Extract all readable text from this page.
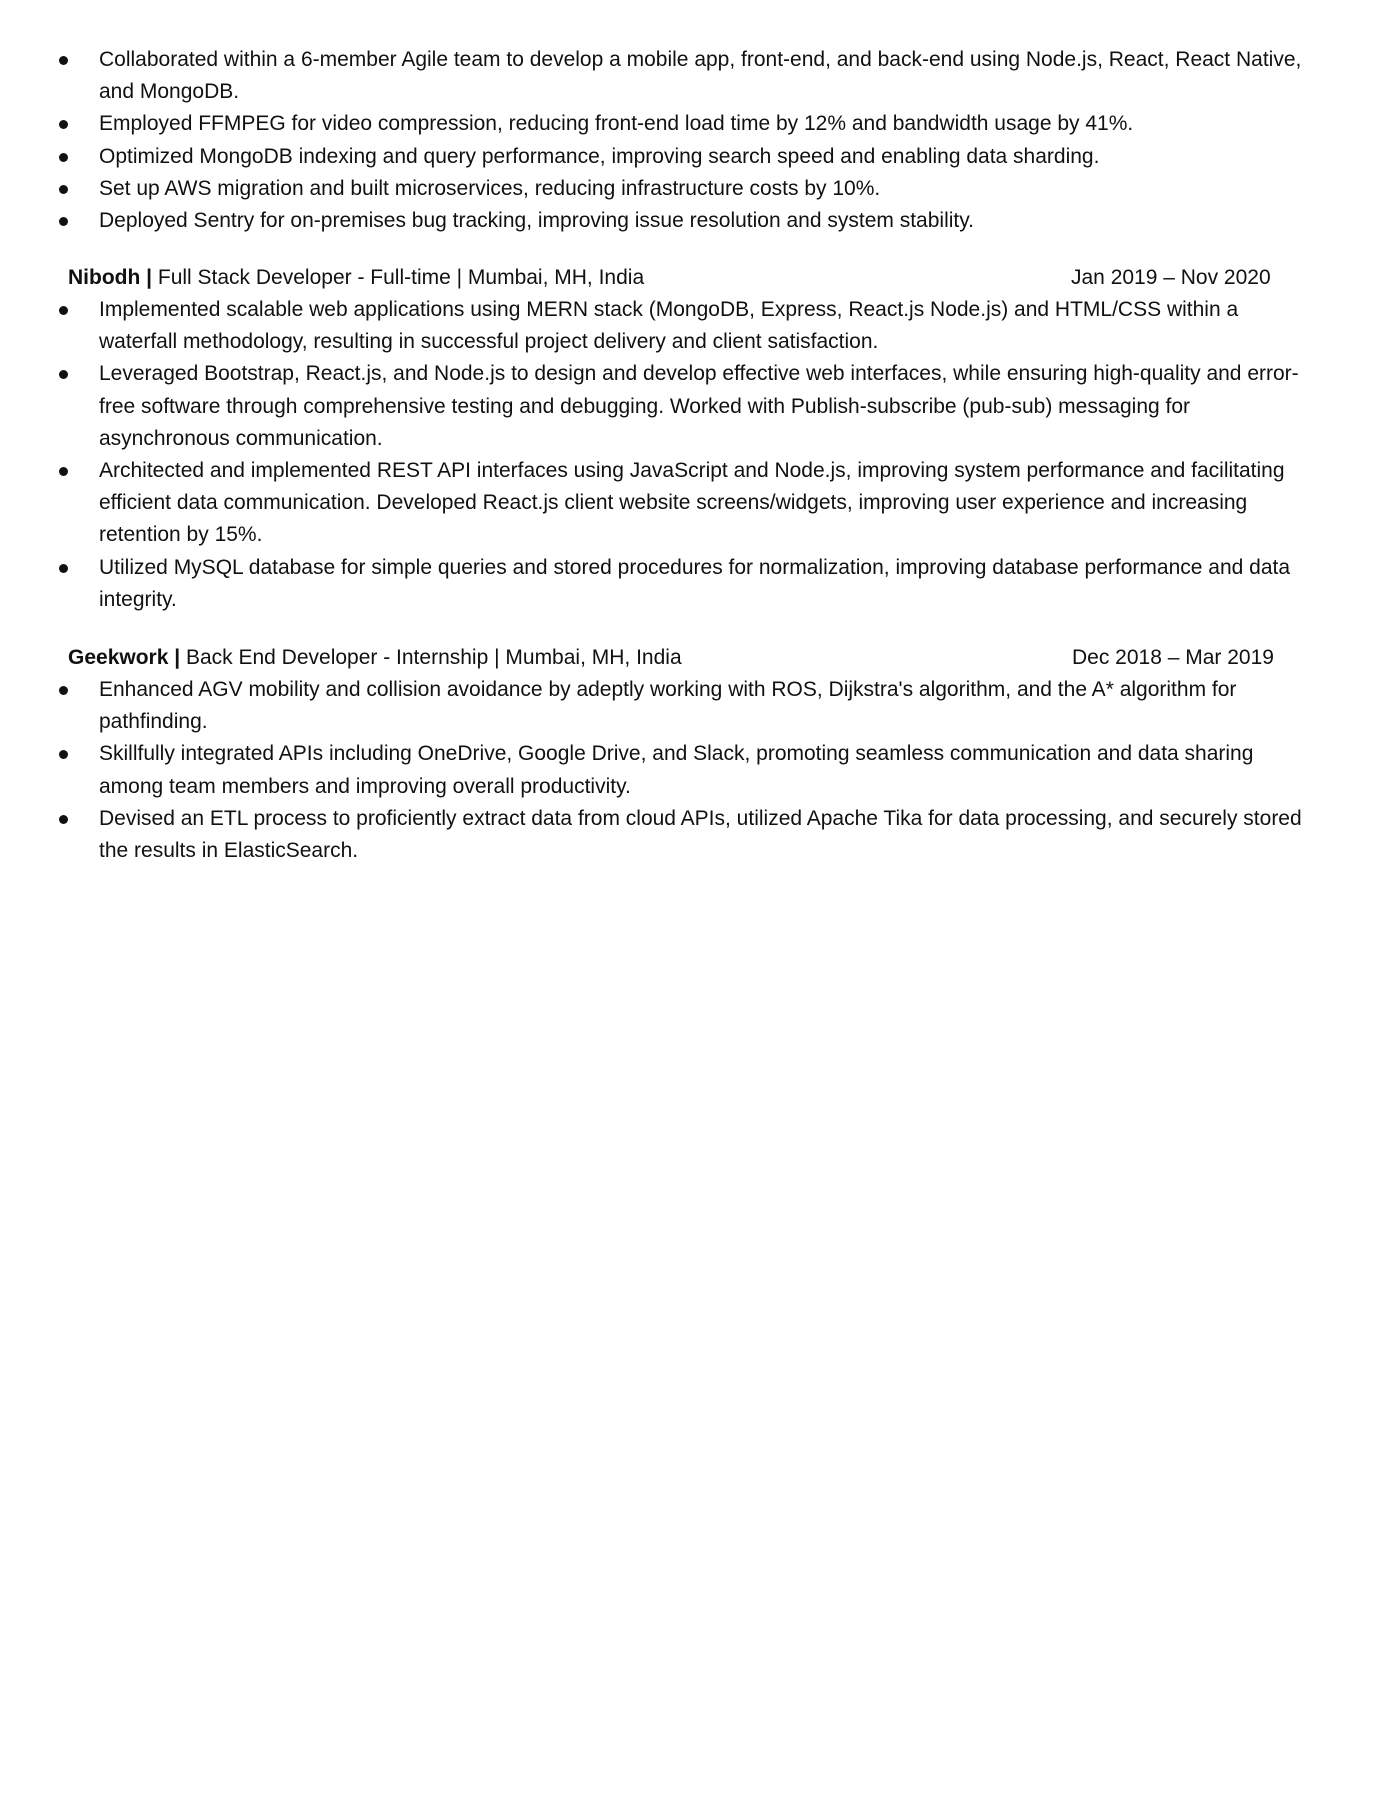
Collaborated within a 6-member Agile team to develop a mobile app, front-end, and back-end using Node.js, React, React Native, and MongoDB.
Employed FFMPEG for video compression, reducing front-end load time by 12% and bandwidth usage by 41%.
Optimized MongoDB indexing and query performance, improving search speed and enabling data sharding.
Set up AWS migration and built microservices, reducing infrastructure costs by 10%.
Deployed Sentry for on-premises bug tracking, improving issue resolution and system stability.
Nibodh | Full Stack Developer - Full-time | Mumbai, MH, India	Jan 2019 – Nov 2020
Implemented scalable web applications using MERN stack (MongoDB, Express, React.js Node.js) and HTML/CSS within a waterfall methodology, resulting in successful project delivery and client satisfaction.
Leveraged Bootstrap, React.js, and Node.js to design and develop effective web interfaces, while ensuring high-quality and error-free software through comprehensive testing and debugging. Worked with Publish-subscribe (pub-sub) messaging for asynchronous communication.
Architected and implemented REST API interfaces using JavaScript and Node.js, improving system performance and facilitating efficient data communication. Developed React.js client website screens/widgets, improving user experience and increasing retention by 15%.
Utilized MySQL database for simple queries and stored procedures for normalization, improving database performance and data integrity.
Geekwork | Back End Developer - Internship | Mumbai, MH, India	Dec 2018 – Mar 2019
Enhanced AGV mobility and collision avoidance by adeptly working with ROS, Dijkstra's algorithm, and the A* algorithm for pathfinding.
Skillfully integrated APIs including OneDrive, Google Drive, and Slack, promoting seamless communication and data sharing among team members and improving overall productivity.
Devised an ETL process to proficiently extract data from cloud APIs, utilized Apache Tika for data processing, and securely stored the results in ElasticSearch.
